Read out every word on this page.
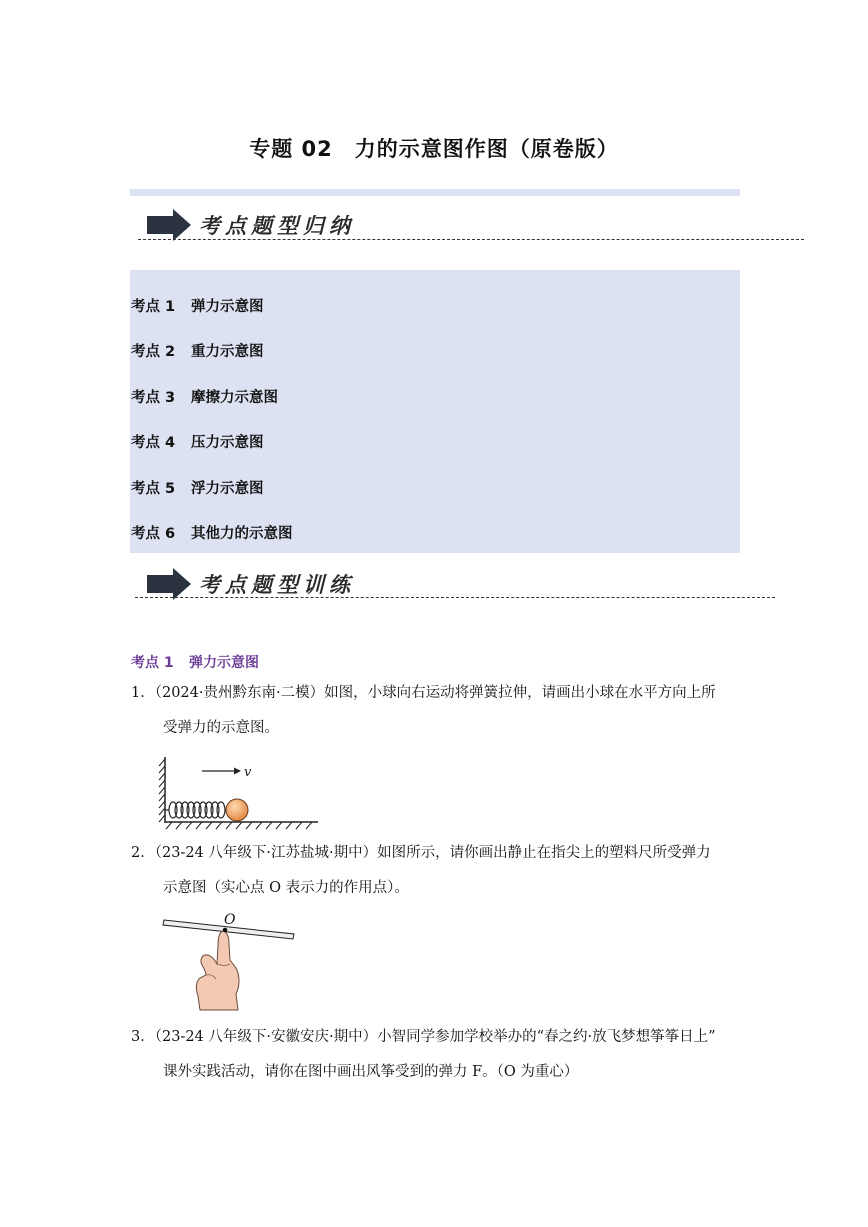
专题 02　力的示意图作图（原卷版）
考点题型归纳
考点 1 弹力示意图
考点 2 重力示意图
考点 3 摩擦力示意图
考点 4 压力示意图
考点 5 浮力示意图
考点 6 其他力的示意图
考点题型训练
考点 1 弹力示意图
1．（2024·贵州黔东南·二模）如图，小球向右运动将弹簧拉伸，请画出小球在水平方向上所
受弹力的示意图。
v
2．（23-24 八年级下·江苏盐城·期中）如图所示，请你画出静止在指尖上的塑料尺所受弹力
示意图（实心点 O 表示力的作用点）。
O
3．（23-24 八年级下·安徽安庆·期中）小智同学参加学校举办的“春之约·放飞梦想筝筝日上”
课外实践活动，请你在图中画出风筝受到的弹力 F。（O 为重心）
